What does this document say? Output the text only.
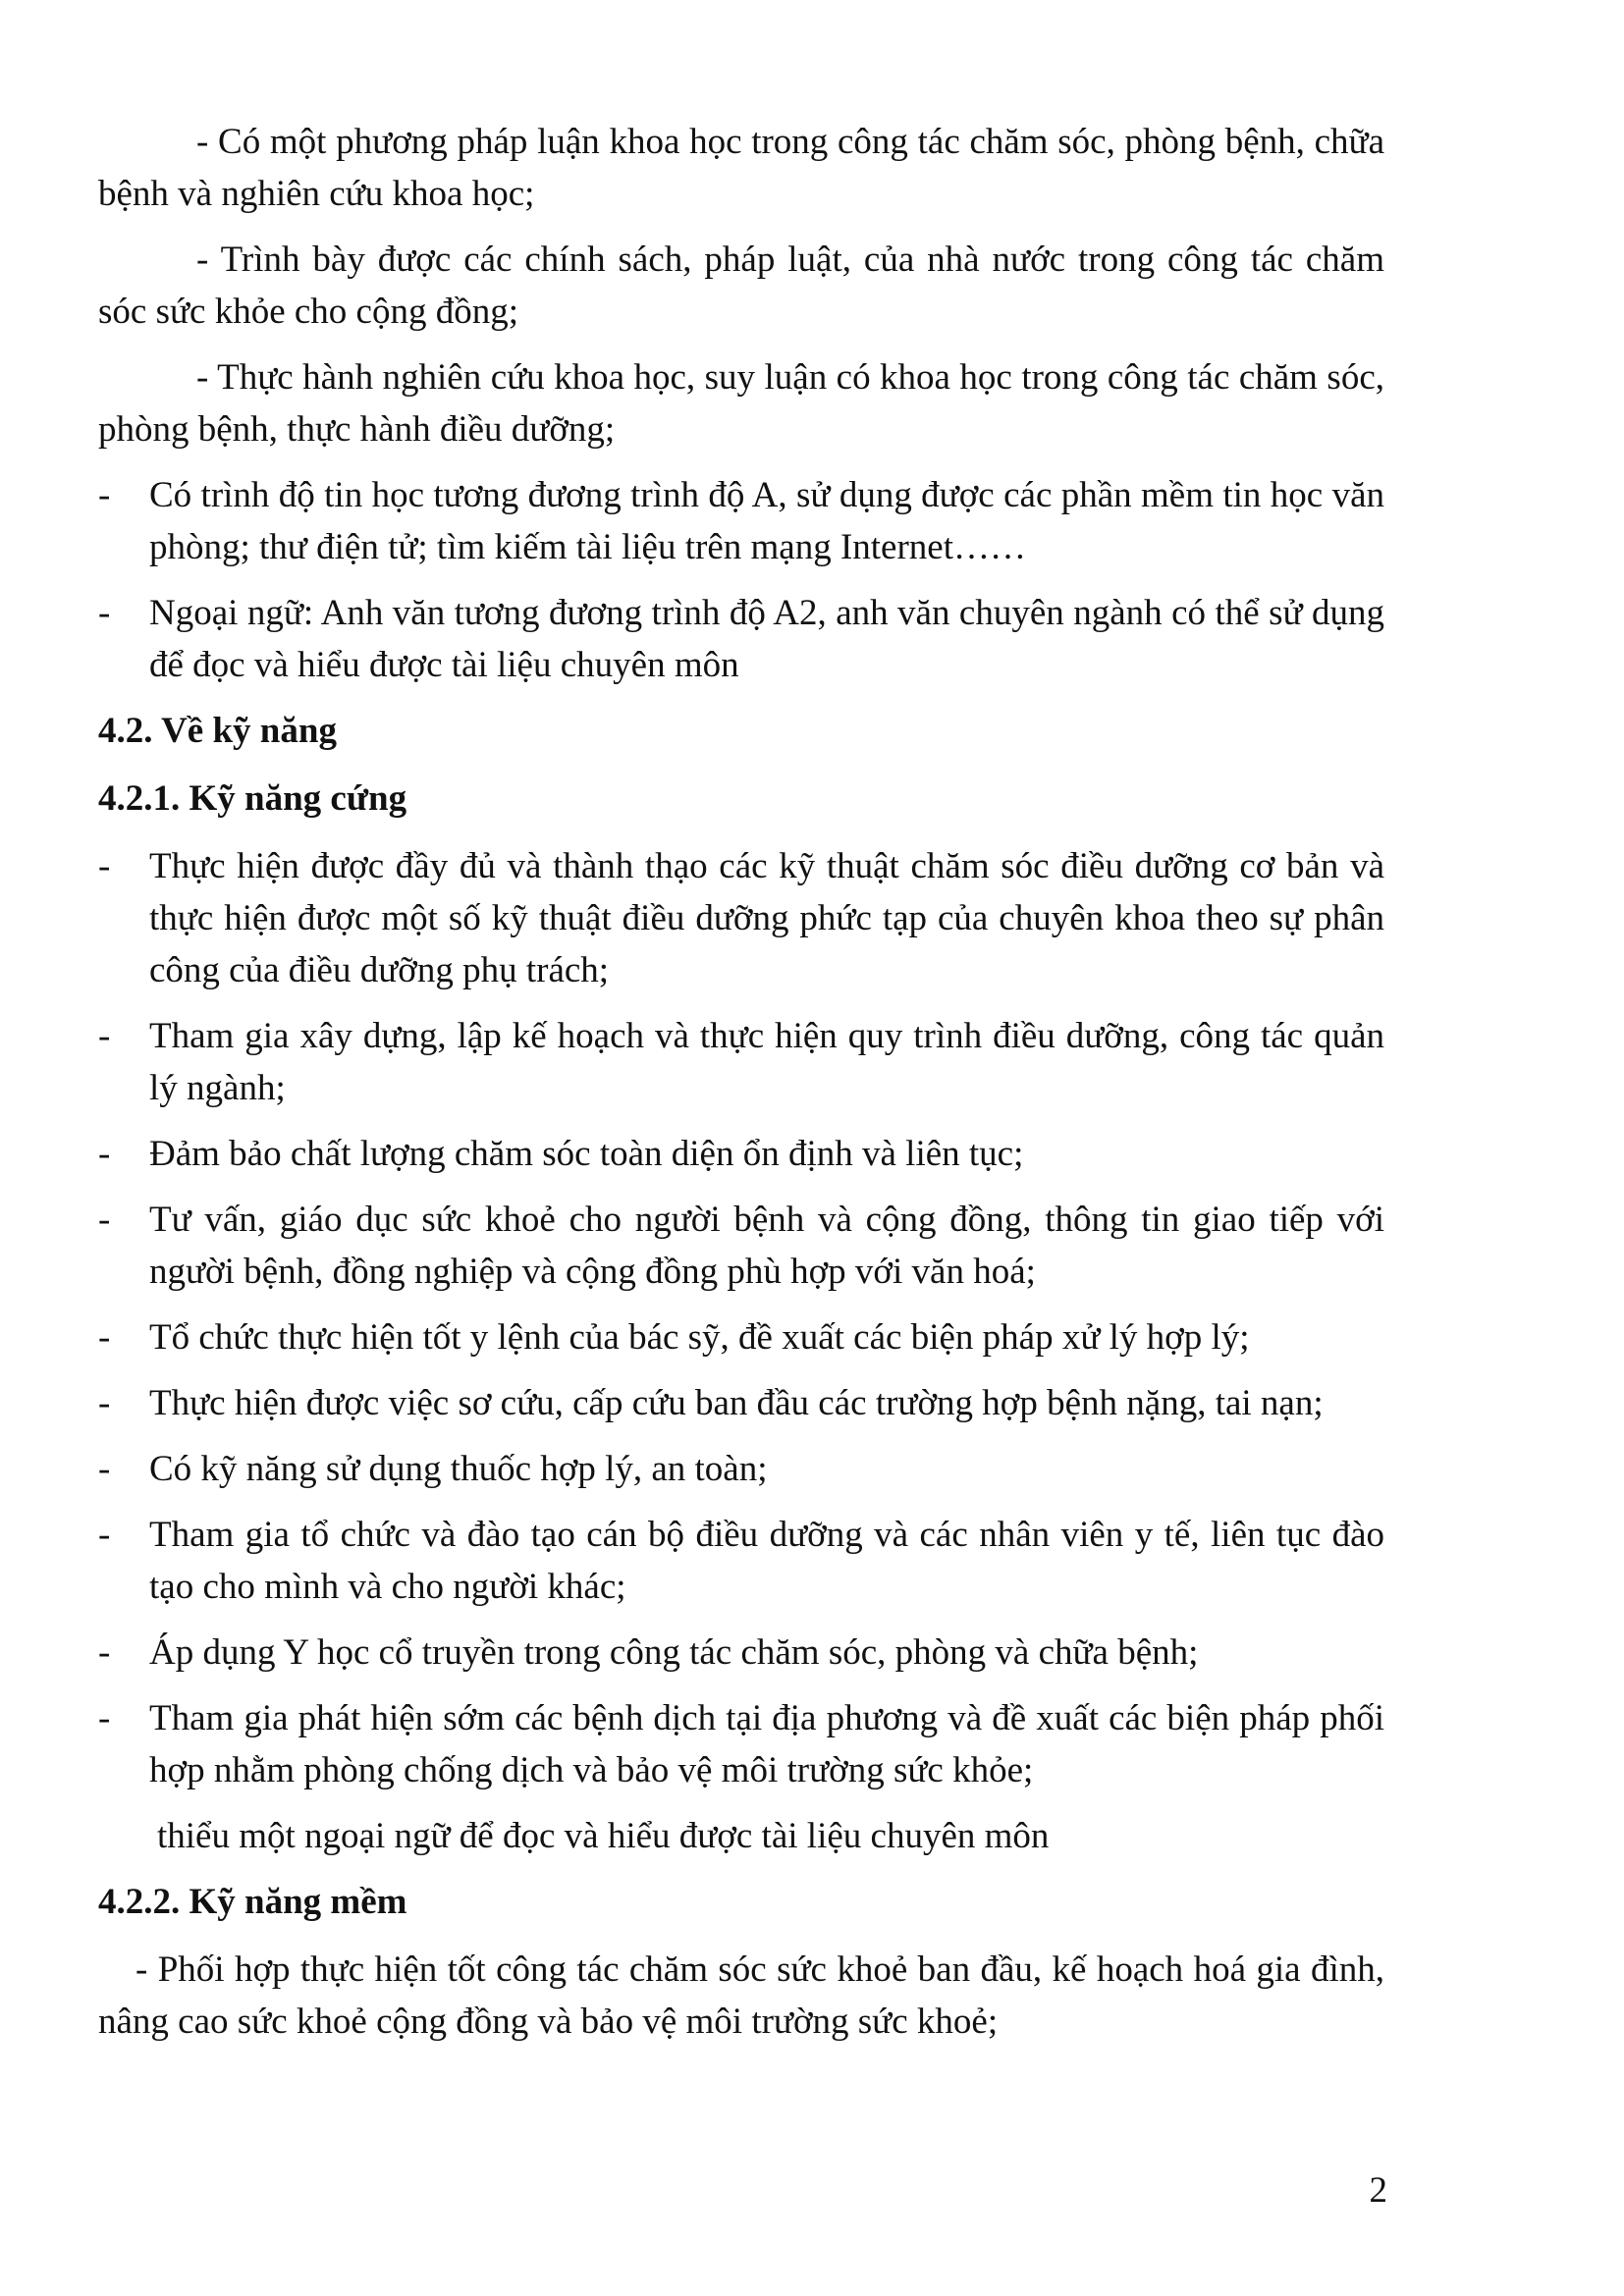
- Có một phương pháp luận khoa học trong công tác chăm sóc, phòng bệnh, chữa bệnh và nghiên cứu khoa học;

- Trình bày được các chính sách, pháp luật, của nhà nước trong công tác chăm sóc sức khỏe cho cộng đồng;

- Thực hành nghiên cứu khoa học, suy luận có khoa học trong công tác chăm sóc, phòng bệnh, thực hành điều dưỡng;

- Có trình độ tin học tương đương trình độ A, sử dụng được các phần mềm tin học văn phòng; thư điện tử; tìm kiếm tài liệu trên mạng Internet……
- Ngoại ngữ: Anh văn tương đương trình độ A2, anh văn chuyên ngành có thể sử dụng để đọc và hiểu được tài liệu chuyên môn
4.2. Về kỹ năng
4.2.1. Kỹ năng cứng
- Thực hiện được đầy đủ và thành thạo các kỹ thuật chăm sóc điều dưỡng cơ bản và thực hiện được một số kỹ thuật điều dưỡng phức tạp của chuyên khoa theo sự phân công của điều dưỡng phụ trách;
- Tham gia xây dựng, lập kế hoạch và thực hiện quy trình điều dưỡng, công tác quản lý ngành;
- Đảm bảo chất lượng chăm sóc toàn diện ổn định và liên tục;
- Tư vấn, giáo dục sức khoẻ cho người bệnh và cộng đồng, thông tin giao tiếp với người bệnh, đồng nghiệp và cộng đồng phù hợp với văn hoá;
- Tổ chức thực hiện tốt y lệnh của bác sỹ, đề xuất các biện pháp xử lý hợp lý;
- Thực hiện được việc sơ cứu, cấp cứu ban đầu các trường hợp bệnh nặng, tai nạn;
- Có kỹ năng sử dụng thuốc hợp lý, an toàn;
- Tham gia tổ chức và đào tạo cán bộ điều dưỡng và các nhân viên y tế, liên tục đào tạo cho mình và cho người khác;
- Áp dụng Y học cổ truyền trong công tác chăm sóc, phòng và chữa bệnh;
- Tham gia phát hiện sớm các bệnh dịch tại địa phương và đề xuất các biện pháp phối hợp nhằm phòng chống dịch và bảo vệ môi trường sức khỏe;

thiểu một ngoại ngữ để đọc và hiểu được tài liệu chuyên môn

4.2.2. Kỹ năng mềm

- Phối hợp thực hiện tốt công tác chăm sóc sức khoẻ ban đầu, kế hoạch hoá gia đình, nâng cao sức khoẻ cộng đồng và bảo vệ môi trường sức khoẻ;

2
